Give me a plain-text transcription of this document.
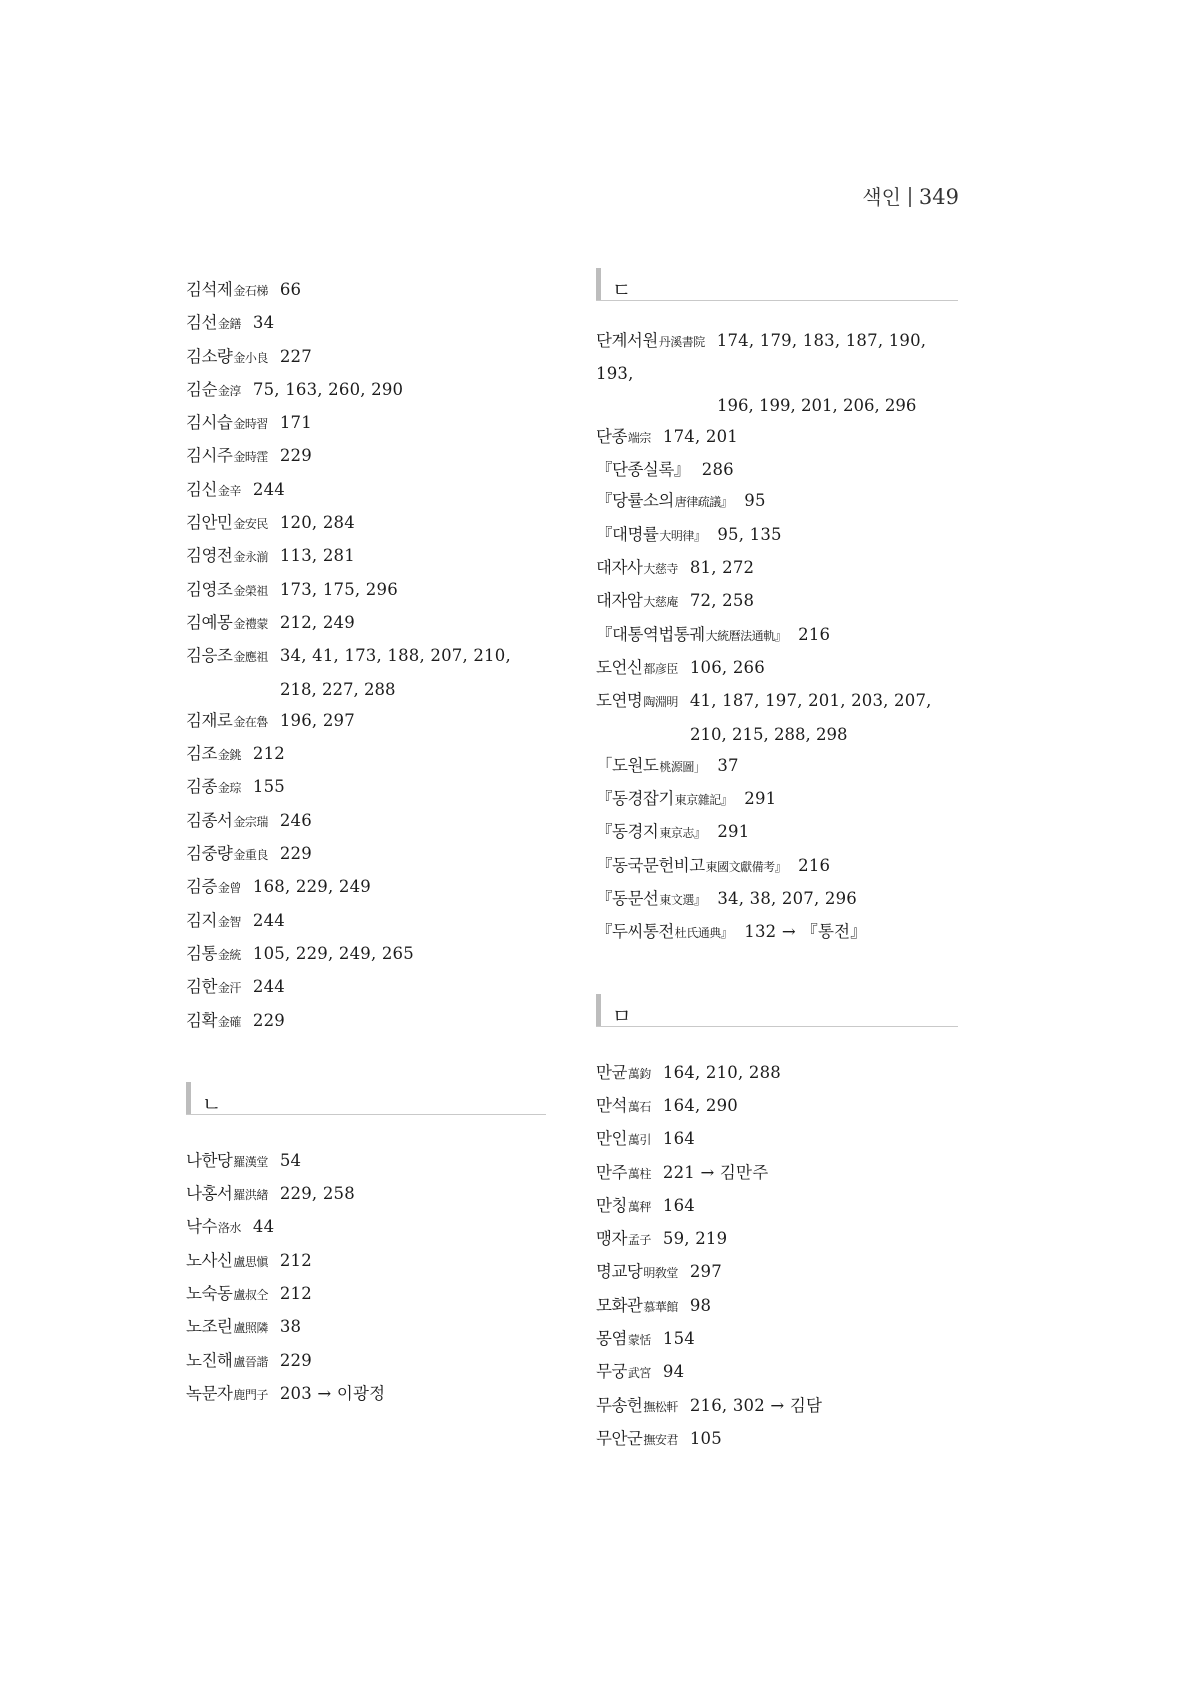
색인 349
김석제金石梯 66
김선金鐥 34
김소량金小良 227
김순金淳 75, 163, 260, 290
김시습金時習 171
김시주金時霔 229
김신金辛 244
김안민金安民 120, 284
김영전金永湔 113, 281
김영조金榮祖 173, 175, 296
김예몽金禮蒙 212, 249
김응조金應祖 34, 41, 173, 188, 207, 210,
218, 227, 288
김재로金在魯 196, 297
김조金銚 212
김종金琮 155
김종서金宗瑞 246
김중량金重良 229
김증金曾 168, 229, 249
김지金智 244
김통金統 105, 229, 249, 265
김한金汗 244
김확金確 229
ㄴ
나한당羅漢堂 54
나홍서羅洪緖 229, 258
낙수洛水 44
노사신盧思愼 212
노숙동盧叔仝 212
노조린盧照隣 38
노진해盧晉諧 229
녹문자鹿門子 203 → 이광정
ㄷ
단계서원丹溪書院 174, 179, 183, 187, 190, 193,
196, 199, 201, 206, 296
단종端宗 174, 201
『단종실록』 286
『당률소의唐律疏議』 95
『대명률大明律』 95, 135
대자사大慈寺 81, 272
대자암大慈庵 72, 258
『대통역법통궤大統曆法通軌』 216
도언신都彦臣 106, 266
도연명陶淵明 41, 187, 197, 201, 203, 207,
210, 215, 288, 298
「도원도桃源圖」 37
『동경잡기東京雜記』 291
『동경지東京志』 291
『동국문헌비고東國文獻備考』 216
『동문선東文選』 34, 38, 207, 296
『두씨통전杜氏通典』 132 → 『통전』
ㅁ
만균萬鈞 164, 210, 288
만석萬石 164, 290
만인萬引 164
만주萬柱 221 → 김만주
만칭萬秤 164
맹자孟子 59, 219
명교당明敎堂 297
모화관慕華館 98
몽염蒙恬 154
무궁武宮 94
무송헌撫松軒 216, 302 → 김담
무안군撫安君 105
